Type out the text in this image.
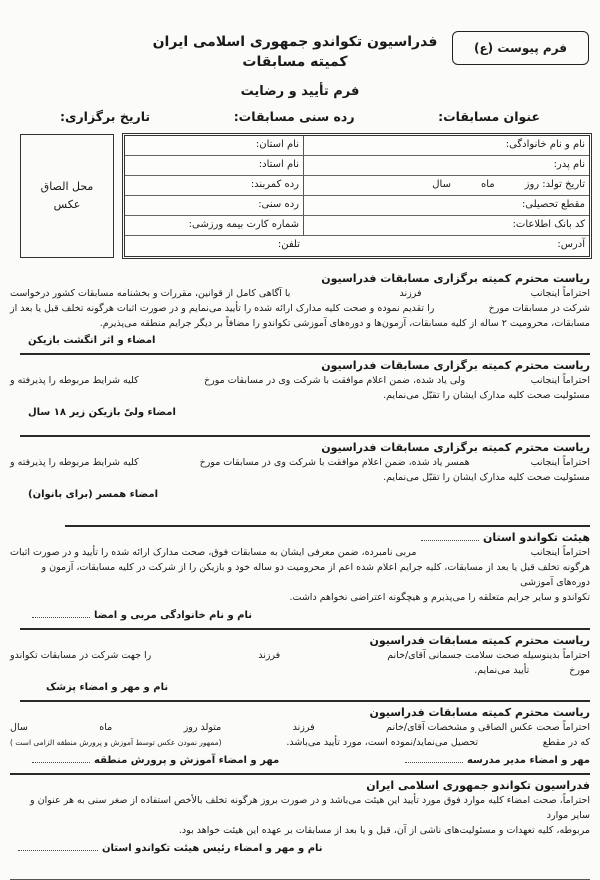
فدراسیون تکواندو جمهوری اسلامی ایران
کمیته مسابقات
فرم پیوست (ع)
فرم تأیید و رضایت
عنوان مسابقات:
رده سنی مسابقات:
تاریخ برگزاری:
محل الصاق
عکس
نام و نام خانوادگی:
نام استان:
نام پدر:
نام استاد:
تاریخ تولد: روز
ماه
سال
رده کمربند:
مقطع تحصیلی:
رده سنی:
کد بانک اطلاعات:
شماره کارت بیمه ورزشی:
آدرس:
تلفن:
ریاست محترم کمیته برگزاری مسابقات فدراسیون
احتراماً اینجانب
فرزند
با آگاهی کامل از قوانین، مقررات و بخشنامه مسابقات کشور درخواست
شرکت در مسابقات مورخ
را تقدیم نموده و صحت کلیه مدارک ارائه شده را تأیید می‌نمایم و در صورت اثبات هرگونه تخلف قبل یا بعد از
مسابقات، محرومیت ۲ ساله از کلیه مسابقات، آزمون‌ها و دوره‌های آموزشی تکواندو را مضافاً بر دیگر جرایم منطقه می‌پذیرم.
امضاء و اثر انگشت بازیکن
ریاست محترم کمیته برگزاری مسابقات فدراسیون
احتراماً اینجانب
ولی یاد شده، ضمن اعلام موافقت با شرکت وی در مسابقات مورخ
کلیه شرایط مربوطه را پذیرفته و
مسئولیت صحت کلیه مدارک ایشان را تقبّل می‌نمایم.
امضاء ولیّ بازیکن زیر ۱۸ سال
ریاست محترم کمیته برگزاری مسابقات فدراسیون
احتراماً اینجانب
همسر یاد شده، ضمن اعلام موافقت با شرکت وی در مسابقات مورخ
کلیه شرایط مربوطه را پذیرفته و
مسئولیت صحت کلیه مدارک ایشان را تقبّل می‌نمایم.
امضاء همسر (برای بانوان)
هیئت تکواندو استان
احتراماً اینجانب
مربی نامبرده، ضمن معرفی ایشان به مسابقات فوق، صحت مدارک ارائه شده را تأیید و در صورت اثبات
هرگونه تخلف قبل یا بعد از مسابقات، کلیه جرایم اعلام شده اعم از محرومیت دو ساله خود و بازیکن را از شرکت در کلیه مسابقات، آزمون و دوره‌های آموزشی
تکواندو و سایر جرایم متعلقه را می‌پذیرم و هیچگونه اعتراضی نخواهم داشت.
نام و نام خانوادگی مربی و امضا
ریاست محترم کمیته مسابقات فدراسیون
احتراماً بدینوسیله صحت سلامت جسمانی آقای/خانم
فرزند
را جهت شرکت در مسابقات تکواندو
مورخ
تأیید می‌نمایم.
نام و مهر و امضاء پزشک
ریاست محترم کمیته مسابقات فدراسیون
احتراماً صحت عکس الصاقی و مشخصات آقای/خانم
فرزند
متولد روز
ماه
سال
که در مقطع
تحصیل می‌نماید/نموده است، مورد تأیید می‌باشد.
(ممهور نمودن عکس توسط آموزش و پرورش منطقه الزامی است )
مهر و امضاء مدیر مدرسه
مهر و امضاء آموزش و پرورش منطقه
فدراسیون تکواندو جمهوری اسلامی ایران
احتراماً، صحت امضاء کلیه موارد فوق مورد تأیید این هیئت می‌باشد و در صورت بروز هرگونه تخلف بالأخص استفاده از صغر سنی به هر عنوان و سایر موارد
مربوطه، کلیه تعهدات و مسئولیت‌های ناشی از آن، قبل و یا بعد از مسابقات بر عهده این هیئت خواهد بود.
نام و مهر و امضاء رئیس هیئت تکواندو استان
